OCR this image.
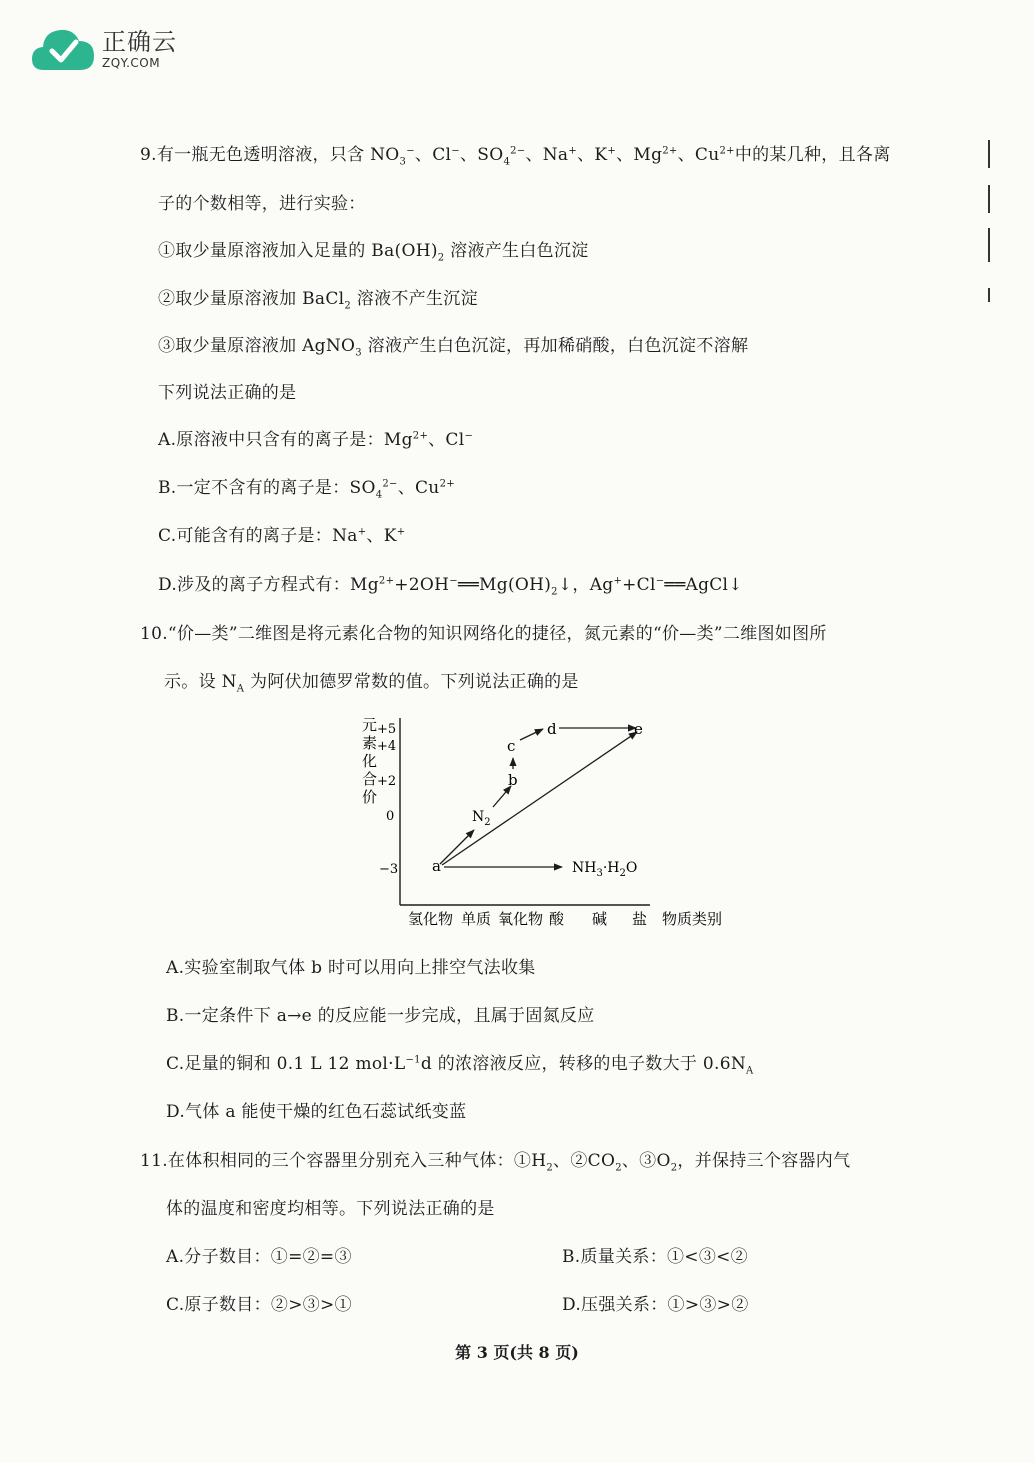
正确云
ZQY.COM
9.有一瓶无色透明溶液，只含 $NO_3^-$、Cl−、$SO_4^{2-}$、Na+、K+、$Mg^{2+}$、$Cu^{2+}$中的某几种，且各离
子的个数相等，进行实验：
①取少量原溶液加入足量的 $Ba(OH)_2$ 溶液产生白色沉淀
②取少量原溶液加 BaCl$_2$ 溶液不产生沉淀
③取少量原溶液加 AgNO$_3$ 溶液产生白色沉淀，再加稀硝酸，白色沉淀不溶解
下列说法正确的是
A.原溶液中只含有的离子是：$Mg^{2+}$、Cl−
B.一定不含有的离子是：$SO_4^{2-}$、$Cu^{2+}$
C.可能含有的离子是：Na+、K+
D.涉及的离子方程式有：$Mg^{2+}+2OH^-══Mg(OH)_2↓$，Ag++Cl−══AgCl↓
10.“价—类”二维图是将元素化合物的知识网络化的捷径，氮元素的“价—类”二维图如图所
示。设 $N_A$ 为阿伏加德罗常数的值。下列说法正确的是
元
素
化
合
价
+5
+4
+2
0
−3
氢化物 单质 氧化物 酸 碱 盐 物质类别
a
b
c
d	e
$N_2$
$NH_3\cdot H_2O$
A.实验室制取气体 b 时可以用向上排空气法收集
B.一定条件下 a→e 的反应能一步完成，且属于固氮反应
C.足量的铜和 0.1 L 12 $mol\cdot L^{-1}d$ 的浓溶液反应，转移的电子数大于 $0.6N_A$
D.气体 a 能使干燥的红色石蕊试纸变蓝
11.在体积相同的三个容器里分别充入三种气体：$①H_2$、$②CO_2$、$③O_2$，并保持三个容器内气
体的温度和密度均相等。下列说法正确的是
A.分子数目：①=②=③	B.质量关系：①<③<②
C.原子数目：②>③>①	D.压强关系：①>③>②
第 3 页(共 8 页)
